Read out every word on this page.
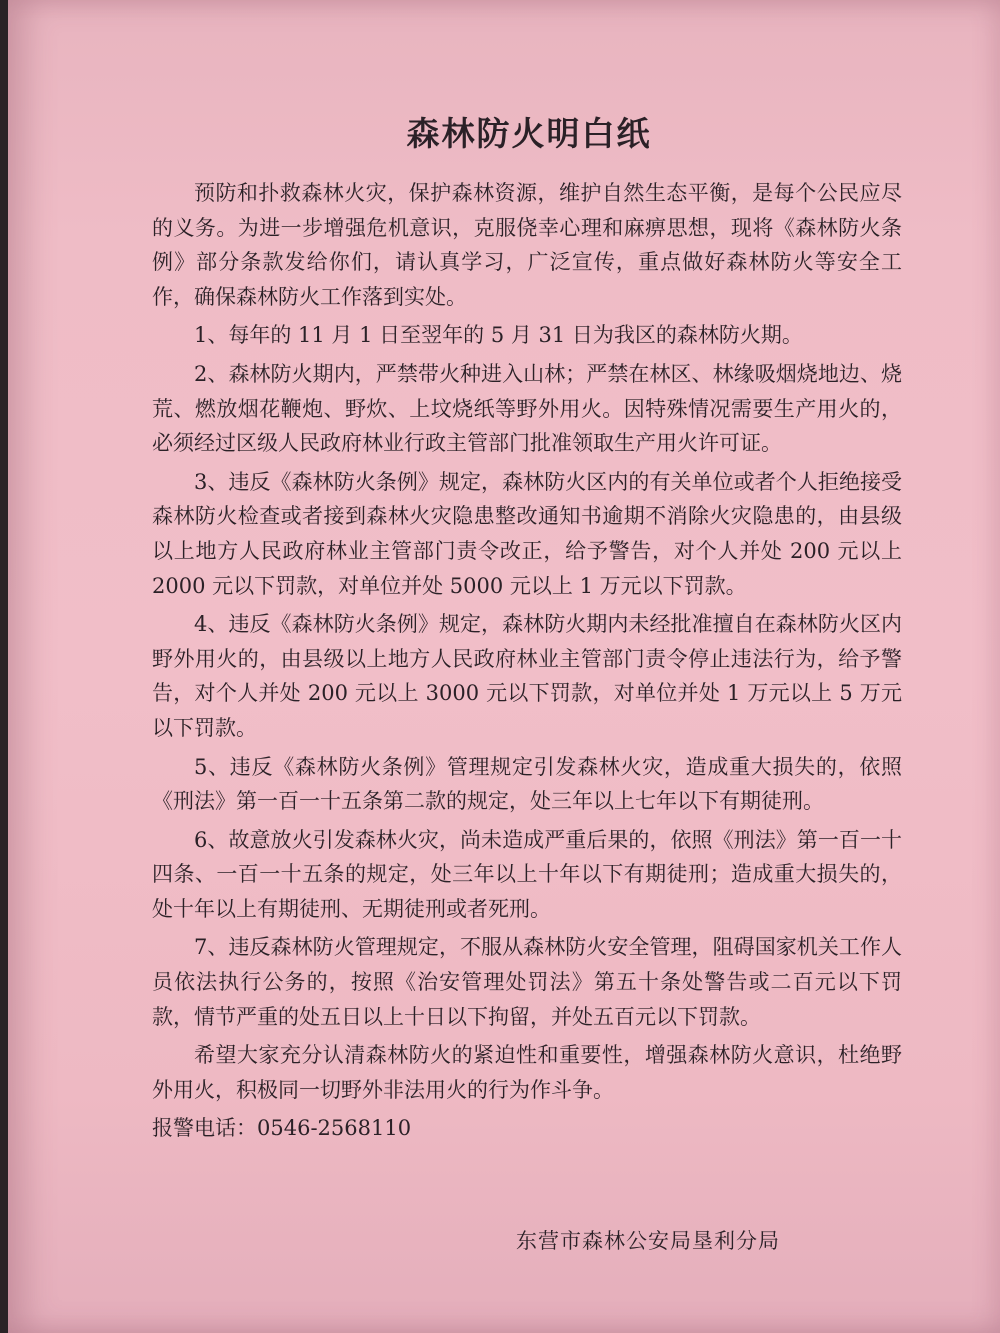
森林防火明白纸

预防和扑救森林火灾，保护森林资源，维护自然生态平衡，是每个公民应尽的义务。为进一步增强危机意识，克服侥幸心理和麻痹思想，现将《森林防火条例》部分条款发给你们，请认真学习，广泛宣传，重点做好森林防火等安全工作，确保森林防火工作落到实处。

1、每年的 11 月 1 日至翌年的 5 月 31 日为我区的森林防火期。

2、森林防火期内，严禁带火种进入山林；严禁在林区、林缘吸烟烧地边、烧荒、燃放烟花鞭炮、野炊、上坟烧纸等野外用火。因特殊情况需要生产用火的，必须经过区级人民政府林业行政主管部门批准领取生产用火许可证。

3、违反《森林防火条例》规定，森林防火区内的有关单位或者个人拒绝接受森林防火检查或者接到森林火灾隐患整改通知书逾期不消除火灾隐患的，由县级以上地方人民政府林业主管部门责令改正，给予警告，对个人并处 200 元以上 2000 元以下罚款，对单位并处 5000 元以上 1 万元以下罚款。

4、违反《森林防火条例》规定，森林防火期内未经批准擅自在森林防火区内野外用火的，由县级以上地方人民政府林业主管部门责令停止违法行为，给予警告，对个人并处 200 元以上 3000 元以下罚款，对单位并处 1 万元以上 5 万元以下罚款。

5、违反《森林防火条例》管理规定引发森林火灾，造成重大损失的，依照《刑法》第一百一十五条第二款的规定，处三年以上七年以下有期徒刑。

6、故意放火引发森林火灾，尚未造成严重后果的，依照《刑法》第一百一十四条、一百一十五条的规定，处三年以上十年以下有期徒刑；造成重大损失的，处十年以上有期徒刑、无期徒刑或者死刑。

7、违反森林防火管理规定，不服从森林防火安全管理，阻碍国家机关工作人员依法执行公务的，按照《治安管理处罚法》第五十条处警告或二百元以下罚款，情节严重的处五日以上十日以下拘留，并处五百元以下罚款。

希望大家充分认清森林防火的紧迫性和重要性，增强森林防火意识，杜绝野外用火，积极同一切野外非法用火的行为作斗争。

报警电话：0546-2568110

东营市森林公安局垦利分局
